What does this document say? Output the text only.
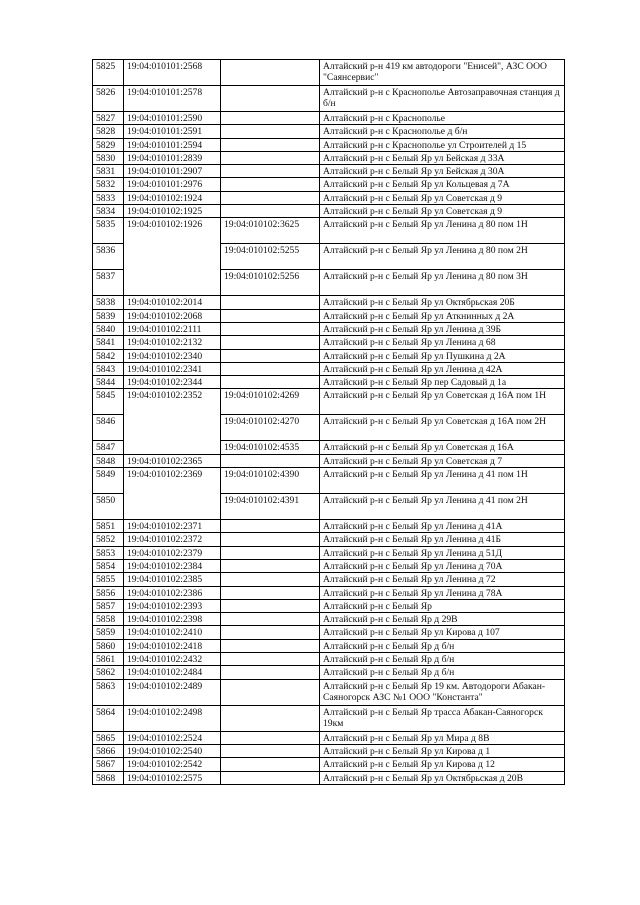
5825	19:04:010101:2568		Алтайский р-н 419 км автодороги "Енисей", АЗС ООО "Саянсервис"
5826	19:04:010101:2578		Алтайский р-н с Краснополье Автозаправочная станция д б/н
5827	19:04:010101:2590		Алтайский р-н с Краснополье
5828	19:04:010101:2591		Алтайский р-н с Краснополье д б/н
5829	19:04:010101:2594		Алтайский р-н с Краснополье ул Строителей д 15
5830	19:04:010101:2839		Алтайский р-н с Белый Яр ул Бейская д 33А
5831	19:04:010101:2907		Алтайский р-н с Белый Яр ул Бейская д 30А
5832	19:04:010101:2976		Алтайский р-н с Белый Яр ул Кольцевая д 7А
5833	19:04:010102:1924		Алтайский р-н с Белый Яр ул Советская д 9
5834	19:04:010102:1925		Алтайский р-н с Белый Яр ул Советская д 9
5835	19:04:010102:1926	19:04:010102:3625	Алтайский р-н с Белый Яр ул Ленина д 80 пом 1Н
5836		19:04:010102:5255	Алтайский р-н с Белый Яр ул Ленина д 80 пом 2Н
5837		19:04:010102:5256	Алтайский р-н с Белый Яр ул Ленина д 80 пом 3Н
5838	19:04:010102:2014		Алтайский р-н с Белый Яр ул Октябрьская 20Б
5839	19:04:010102:2068		Алтайский р-н с Белый Яр ул Аткнинных д 2А
5840	19:04:010102:2111		Алтайский р-н с Белый Яр ул Ленина д 39Б
5841	19:04:010102:2132		Алтайский р-н с Белый Яр ул Ленина д 68
5842	19:04:010102:2340		Алтайский р-н с Белый Яр ул Пушкина д 2А
5843	19:04:010102:2341		Алтайский р-н с Белый Яр ул Ленина д 42А
5844	19:04:010102:2344		Алтайский р-н с Белый Яр пер Садовый д 1а
5845	19:04:010102:2352	19:04:010102:4269	Алтайский р-н с Белый Яр ул Советская д 16А пом 1Н
5846		19:04:010102:4270	Алтайский р-н с Белый Яр ул Советская д 16А пом 2Н
5847		19:04:010102:4535	Алтайский р-н с Белый Яр ул Советская д 16А
5848	19:04:010102:2365		Алтайский р-н с Белый Яр ул Советская д 7
5849	19:04:010102:2369	19:04:010102:4390	Алтайский р-н с Белый Яр ул Ленина д 41 пом 1Н
5850		19:04:010102:4391	Алтайский р-н с Белый Яр ул Ленина д 41 пом 2Н
5851	19:04:010102:2371		Алтайский р-н с Белый Яр ул Ленина д 41А
5852	19:04:010102:2372		Алтайский р-н с Белый Яр ул Ленина д 41Б
5853	19:04:010102:2379		Алтайский р-н с Белый Яр ул Ленина д 51Д
5854	19:04:010102:2384		Алтайский р-н с Белый Яр ул Ленина д 70А
5855	19:04:010102:2385		Алтайский р-н с Белый Яр ул Ленина д 72
5856	19:04:010102:2386		Алтайский р-н с Белый Яр ул Ленина д 78А
5857	19:04:010102:2393		Алтайский р-н с Белый Яр
5858	19:04:010102:2398		Алтайский р-н с Белый Яр д 29В
5859	19:04:010102:2410		Алтайский р-н с Белый Яр ул Кирова д 107
5860	19:04:010102:2418		Алтайский р-н с Белый Яр д б/н
5861	19:04:010102:2432		Алтайский р-н с Белый Яр д б/н
5862	19:04:010102:2484		Алтайский р-н с Белый Яр д б/н
5863	19:04:010102:2489		Алтайский р-н с Белый Яр 19 км. Автодороги Абакан-Саяногорск АЗС №1 ООО "Константа"
5864	19:04:010102:2498		Алтайский р-н с Белый Яр трасса Абакан-Саяногорск 19км
5865	19:04:010102:2524		Алтайский р-н с Белый Яр ул Мира д 8В
5866	19:04:010102:2540		Алтайский р-н с Белый Яр ул Кирова д 1
5867	19:04:010102:2542		Алтайский р-н с Белый Яр ул Кирова д 12
5868	19:04:010102:2575		Алтайский р-н с Белый Яр ул Октябрьская д 20В
